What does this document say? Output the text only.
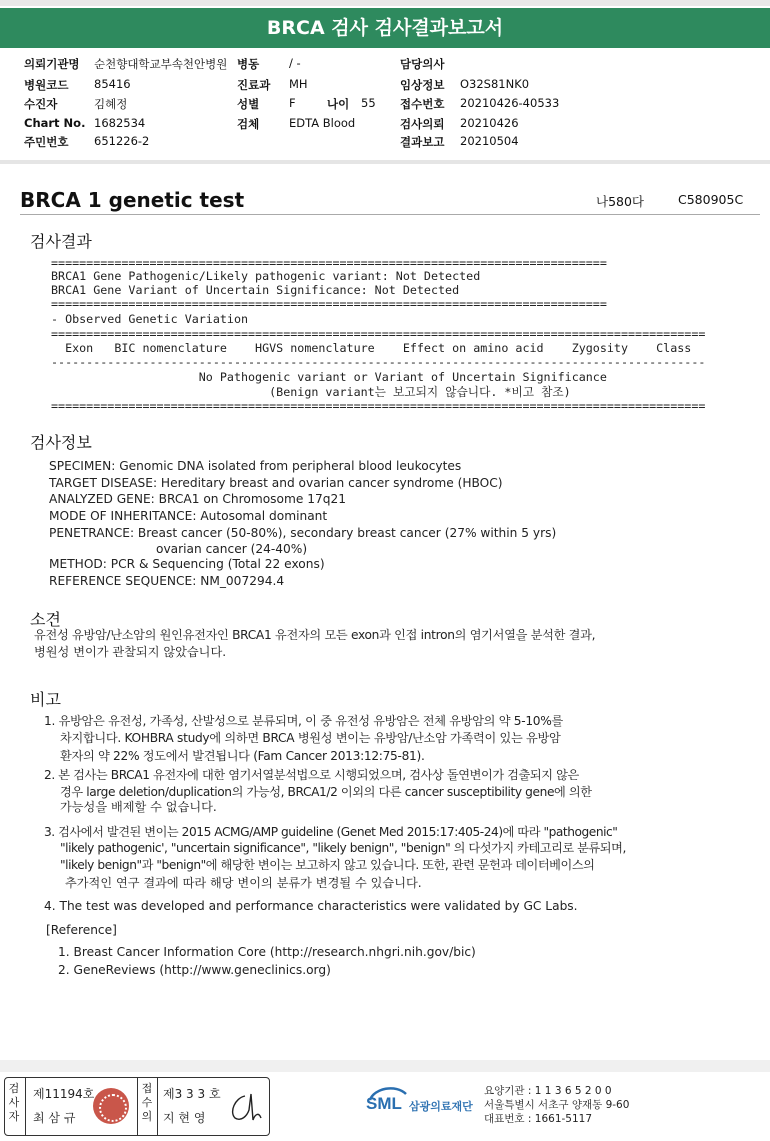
BRCA 검사 검사결과보고서
의뢰기관명 순천향대학교부속천안병원 병동	/ -	담당의사
병원코드 85416	진료과 MH	임상정보 O32S81NK0
수진자	김혜정	성별	F	나이 55 접수번호 20210426-40533
Chart No. 1682534	검체	EDTA Blood	검사의뢰 20210426
주민번호 651226-2	결과보고 20210504
BRCA 1 genetic test	나580다	C580905C
검사결과
===============================================================================
BRCA1 Gene Pathogenic/Likely pathogenic variant: Not Detected
BRCA1 Gene Variant of Uncertain Significance: Not Detected
===============================================================================
- Observed Genetic Variation
=============================================================================================
Exon   BIC nomenclature    HGVS nomenclature    Effect on amino acid    Zygosity    Class
---------------------------------------------------------------------------------------------
No Pathogenic variant or Variant of Uncertain Significance
(Benign variant는 보고되지 않습니다. *비고 참조)
=============================================================================================
검사정보
SPECIMEN: Genomic DNA isolated from peripheral blood leukocytes
TARGET DISEASE: Hereditary breast and ovarian cancer syndrome (HBOC)
ANALYZED GENE: BRCA1 on Chromosome 17q21
MODE OF INHERITANCE: Autosomal dominant
PENETRANCE: Breast cancer (50-80%), secondary breast cancer (27% within 5 yrs)
ovarian cancer (24-40%)
METHOD: PCR & Sequencing (Total 22 exons)
REFERENCE SEQUENCE: NM_007294.4
소견
유전성 유방암/난소암의 원인유전자인 BRCA1 유전자의 모든 exon과 인접 intron의 염기서열을 분석한 결과,
병원성 변이가 관찰되지 않았습니다.
비고
1. 유방암은 유전성, 가족성, 산발성으로 분류되며, 이 중 유전성 유방암은 전체 유방암의 약 5-10%를
차지합니다. KOHBRA study에 의하면 BRCA 병원성 변이는 유방암/난소암 가족력이 있는 유방암
환자의 약 22% 정도에서 발견됩니다 (Fam Cancer 2013:12:75-81).
2. 본 검사는 BRCA1 유전자에 대한 염기서열분석법으로 시행되었으며, 검사상 돌연변이가 검출되지 않은
경우 large deletion/duplication의 가능성, BRCA1/2 이외의 다른 cancer susceptibility gene에 의한
가능성을 배제할 수 없습니다.
3. 검사에서 발견된 변이는 2015 ACMG/AMP guideline (Genet Med 2015:17:405-24)에 따라 "pathogenic"
"likely pathogenic', "uncertain significance", "likely benign", "benign" 의 다섯가지 카테고리로 분류되며,
"likely benign"과 "benign"에 해당한 변이는 보고하지 않고 있습니다. 또한, 관련 문헌과 데이터베이스의
추가적인 연구 결과에 따라 해당 변이의 분류가 변경될 수 있습니다.
4. The test was developed and performance characteristics were validated by GC Labs.
[Reference]
1. Breast Cancer Information Core (http://research.nhgri.nih.gov/bic)
2. GeneReviews (http://www.geneclinics.org)
검
사
자
제11194호
최 삼 규
접
수
의
제3 3 3 호
지 현 영
SML 삼광의료재단
요양기관 : 1 1 3 6 5 2 0 0
서울특별시 서초구 양재동 9-60
대표번호 : 1661-5117
